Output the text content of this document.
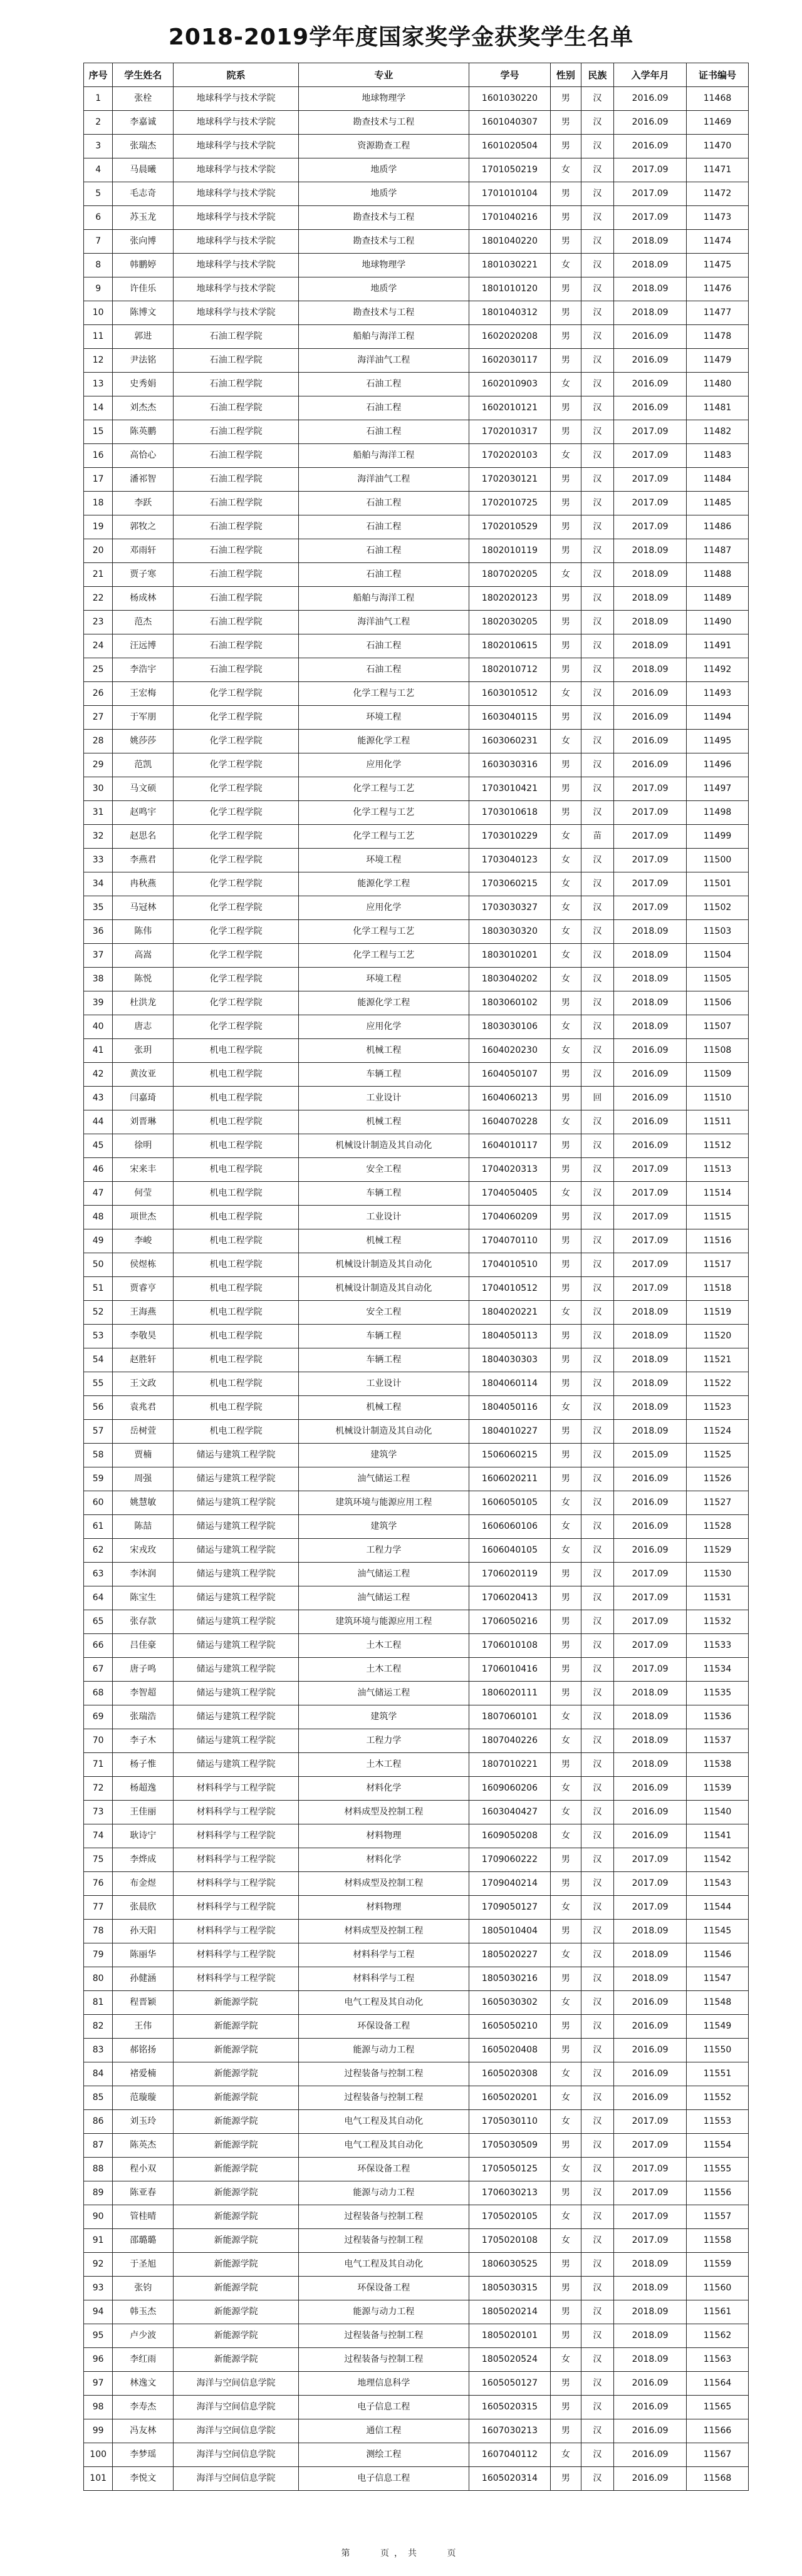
2018-2019学年度国家奖学金获奖学生名单
序号	学生姓名	院系	专业	学号	性别	民族	入学年月	证书编号
1	张栓	地球科学与技术学院	地球物理学	1601030220	男	汉	2016.09	11468
2	李嘉诚	地球科学与技术学院	勘查技术与工程	1601040307	男	汉	2016.09	11469
3	张瑞杰	地球科学与技术学院	资源勘查工程	1601020504	男	汉	2016.09	11470
4	马晨曦	地球科学与技术学院	地质学	1701050219	女	汉	2017.09	11471
5	毛志奇	地球科学与技术学院	地质学	1701010104	男	汉	2017.09	11472
6	苏玉龙	地球科学与技术学院	勘查技术与工程	1701040216	男	汉	2017.09	11473
7	张向博	地球科学与技术学院	勘查技术与工程	1801040220	男	汉	2018.09	11474
8	韩鹏婷	地球科学与技术学院	地球物理学	1801030221	女	汉	2018.09	11475
9	许佳乐	地球科学与技术学院	地质学	1801010120	男	汉	2018.09	11476
10	陈博文	地球科学与技术学院	勘查技术与工程	1801040312	男	汉	2018.09	11477
11	郭进	石油工程学院	船舶与海洋工程	1602020208	男	汉	2016.09	11478
12	尹法铭	石油工程学院	海洋油气工程	1602030117	男	汉	2016.09	11479
13	史秀娟	石油工程学院	石油工程	1602010903	女	汉	2016.09	11480
14	刘杰杰	石油工程学院	石油工程	1602010121	男	汉	2016.09	11481
15	陈英鹏	石油工程学院	石油工程	1702010317	男	汉	2017.09	11482
16	高恰心	石油工程学院	船舶与海洋工程	1702020103	女	汉	2017.09	11483
17	潘祁智	石油工程学院	海洋油气工程	1702030121	男	汉	2017.09	11484
18	李跃	石油工程学院	石油工程	1702010725	男	汉	2017.09	11485
19	郭牧之	石油工程学院	石油工程	1702010529	男	汉	2017.09	11486
20	邓雨轩	石油工程学院	石油工程	1802010119	男	汉	2018.09	11487
21	贾子寒	石油工程学院	石油工程	1807020205	女	汉	2018.09	11488
22	杨成林	石油工程学院	船舶与海洋工程	1802020123	男	汉	2018.09	11489
23	范杰	石油工程学院	海洋油气工程	1802030205	男	汉	2018.09	11490
24	汪远博	石油工程学院	石油工程	1802010615	男	汉	2018.09	11491
25	李浩宇	石油工程学院	石油工程	1802010712	男	汉	2018.09	11492
26	王宏梅	化学工程学院	化学工程与工艺	1603010512	女	汉	2016.09	11493
27	于军朋	化学工程学院	环境工程	1603040115	男	汉	2016.09	11494
28	姚莎莎	化学工程学院	能源化学工程	1603060231	女	汉	2016.09	11495
29	范凯	化学工程学院	应用化学	1603030316	男	汉	2016.09	11496
30	马文硕	化学工程学院	化学工程与工艺	1703010421	男	汉	2017.09	11497
31	赵鸣宇	化学工程学院	化学工程与工艺	1703010618	男	汉	2017.09	11498
32	赵思名	化学工程学院	化学工程与工艺	1703010229	女	苗	2017.09	11499
33	李燕君	化学工程学院	环境工程	1703040123	女	汉	2017.09	11500
34	冉秋燕	化学工程学院	能源化学工程	1703060215	女	汉	2017.09	11501
35	马冠林	化学工程学院	应用化学	1703030327	女	汉	2017.09	11502
36	陈伟	化学工程学院	化学工程与工艺	1803030320	女	汉	2018.09	11503
37	高嵩	化学工程学院	化学工程与工艺	1803010201	女	汉	2018.09	11504
38	陈悦	化学工程学院	环境工程	1803040202	女	汉	2018.09	11505
39	杜洪龙	化学工程学院	能源化学工程	1803060102	男	汉	2018.09	11506
40	唐志	化学工程学院	应用化学	1803030106	女	汉	2018.09	11507
41	张玥	机电工程学院	机械工程	1604020230	女	汉	2016.09	11508
42	黄汝亚	机电工程学院	车辆工程	1604050107	男	汉	2016.09	11509
43	闫嘉琦	机电工程学院	工业设计	1604060213	男	回	2016.09	11510
44	刘晋琳	机电工程学院	机械工程	1604070228	女	汉	2016.09	11511
45	徐明	机电工程学院	机械设计制造及其自动化	1604010117	男	汉	2016.09	11512
46	宋来丰	机电工程学院	安全工程	1704020313	男	汉	2017.09	11513
47	何莹	机电工程学院	车辆工程	1704050405	女	汉	2017.09	11514
48	项世杰	机电工程学院	工业设计	1704060209	男	汉	2017.09	11515
49	李峻	机电工程学院	机械工程	1704070110	男	汉	2017.09	11516
50	侯煜栋	机电工程学院	机械设计制造及其自动化	1704010510	男	汉	2017.09	11517
51	贾睿亨	机电工程学院	机械设计制造及其自动化	1704010512	男	汉	2017.09	11518
52	王海燕	机电工程学院	安全工程	1804020221	女	汉	2018.09	11519
53	李敬昊	机电工程学院	车辆工程	1804050113	男	汉	2018.09	11520
54	赵胜轩	机电工程学院	车辆工程	1804030303	男	汉	2018.09	11521
55	王文政	机电工程学院	工业设计	1804060114	男	汉	2018.09	11522
56	袁兆君	机电工程学院	机械工程	1804050116	女	汉	2018.09	11523
57	岳树萱	机电工程学院	机械设计制造及其自动化	1804010227	男	汉	2018.09	11524
58	贾楠	储运与建筑工程学院	建筑学	1506060215	男	汉	2015.09	11525
59	周强	储运与建筑工程学院	油气储运工程	1606020211	男	汉	2016.09	11526
60	姚慧敏	储运与建筑工程学院	建筑环境与能源应用工程	1606050105	女	汉	2016.09	11527
61	陈喆	储运与建筑工程学院	建筑学	1606060106	女	汉	2016.09	11528
62	宋戎玫	储运与建筑工程学院	工程力学	1606040105	女	汉	2016.09	11529
63	李沐润	储运与建筑工程学院	油气储运工程	1706020119	男	汉	2017.09	11530
64	陈宝生	储运与建筑工程学院	油气储运工程	1706020413	男	汉	2017.09	11531
65	张存款	储运与建筑工程学院	建筑环境与能源应用工程	1706050216	男	汉	2017.09	11532
66	吕佳豪	储运与建筑工程学院	土木工程	1706010108	男	汉	2017.09	11533
67	唐子鸣	储运与建筑工程学院	土木工程	1706010416	男	汉	2017.09	11534
68	李智超	储运与建筑工程学院	油气储运工程	1806020111	男	汉	2018.09	11535
69	张瑞浩	储运与建筑工程学院	建筑学	1807060101	女	汉	2018.09	11536
70	李子木	储运与建筑工程学院	工程力学	1807040226	女	汉	2018.09	11537
71	杨子惟	储运与建筑工程学院	土木工程	1807010221	男	汉	2018.09	11538
72	杨超逸	材料科学与工程学院	材料化学	1609060206	女	汉	2016.09	11539
73	王佳丽	材料科学与工程学院	材料成型及控制工程	1603040427	女	汉	2016.09	11540
74	耿诗宁	材料科学与工程学院	材料物理	1609050208	女	汉	2016.09	11541
75	李烨成	材料科学与工程学院	材料化学	1709060222	男	汉	2017.09	11542
76	布金煜	材料科学与工程学院	材料成型及控制工程	1709040214	男	汉	2017.09	11543
77	张晨欣	材料科学与工程学院	材料物理	1709050127	女	汉	2017.09	11544
78	孙天阳	材料科学与工程学院	材料成型及控制工程	1805010404	男	汉	2018.09	11545
79	陈丽华	材料科学与工程学院	材料科学与工程	1805020227	女	汉	2018.09	11546
80	孙健涵	材料科学与工程学院	材料科学与工程	1805030216	男	汉	2018.09	11547
81	程晋颖	新能源学院	电气工程及其自动化	1605030302	女	汉	2016.09	11548
82	王伟	新能源学院	环保设备工程	1605050210	男	汉	2016.09	11549
83	郝铭扬	新能源学院	能源与动力工程	1605020408	男	汉	2016.09	11550
84	褚爱楠	新能源学院	过程装备与控制工程	1605020308	女	汉	2016.09	11551
85	范璇璇	新能源学院	过程装备与控制工程	1605020201	女	汉	2016.09	11552
86	刘玉玲	新能源学院	电气工程及其自动化	1705030110	女	汉	2017.09	11553
87	陈英杰	新能源学院	电气工程及其自动化	1705030509	男	汉	2017.09	11554
88	程小双	新能源学院	环保设备工程	1705050125	女	汉	2017.09	11555
89	陈亚春	新能源学院	能源与动力工程	1706030213	男	汉	2017.09	11556
90	管桂晴	新能源学院	过程装备与控制工程	1705020105	女	汉	2017.09	11557
91	邵璐璐	新能源学院	过程装备与控制工程	1705020108	女	汉	2017.09	11558
92	于圣旭	新能源学院	电气工程及其自动化	1806030525	男	汉	2018.09	11559
93	张钧	新能源学院	环保设备工程	1805030315	男	汉	2018.09	11560
94	韩玉杰	新能源学院	能源与动力工程	1805020214	男	汉	2018.09	11561
95	卢少波	新能源学院	过程装备与控制工程	1805020101	男	汉	2018.09	11562
96	李红雨	新能源学院	过程装备与控制工程	1805020524	女	汉	2018.09	11563
97	林逸文	海洋与空间信息学院	地理信息科学	1605050127	男	汉	2016.09	11564
98	李寿杰	海洋与空间信息学院	电子信息工程	1605020315	男	汉	2016.09	11565
99	冯友林	海洋与空间信息学院	通信工程	1607030213	男	汉	2016.09	11566
100	李梦瑶	海洋与空间信息学院	测绘工程	1607040112	女	汉	2016.09	11567
101	李悦文	海洋与空间信息学院	电子信息工程	1605020314	男	汉	2016.09	11568
第	页，共	页
